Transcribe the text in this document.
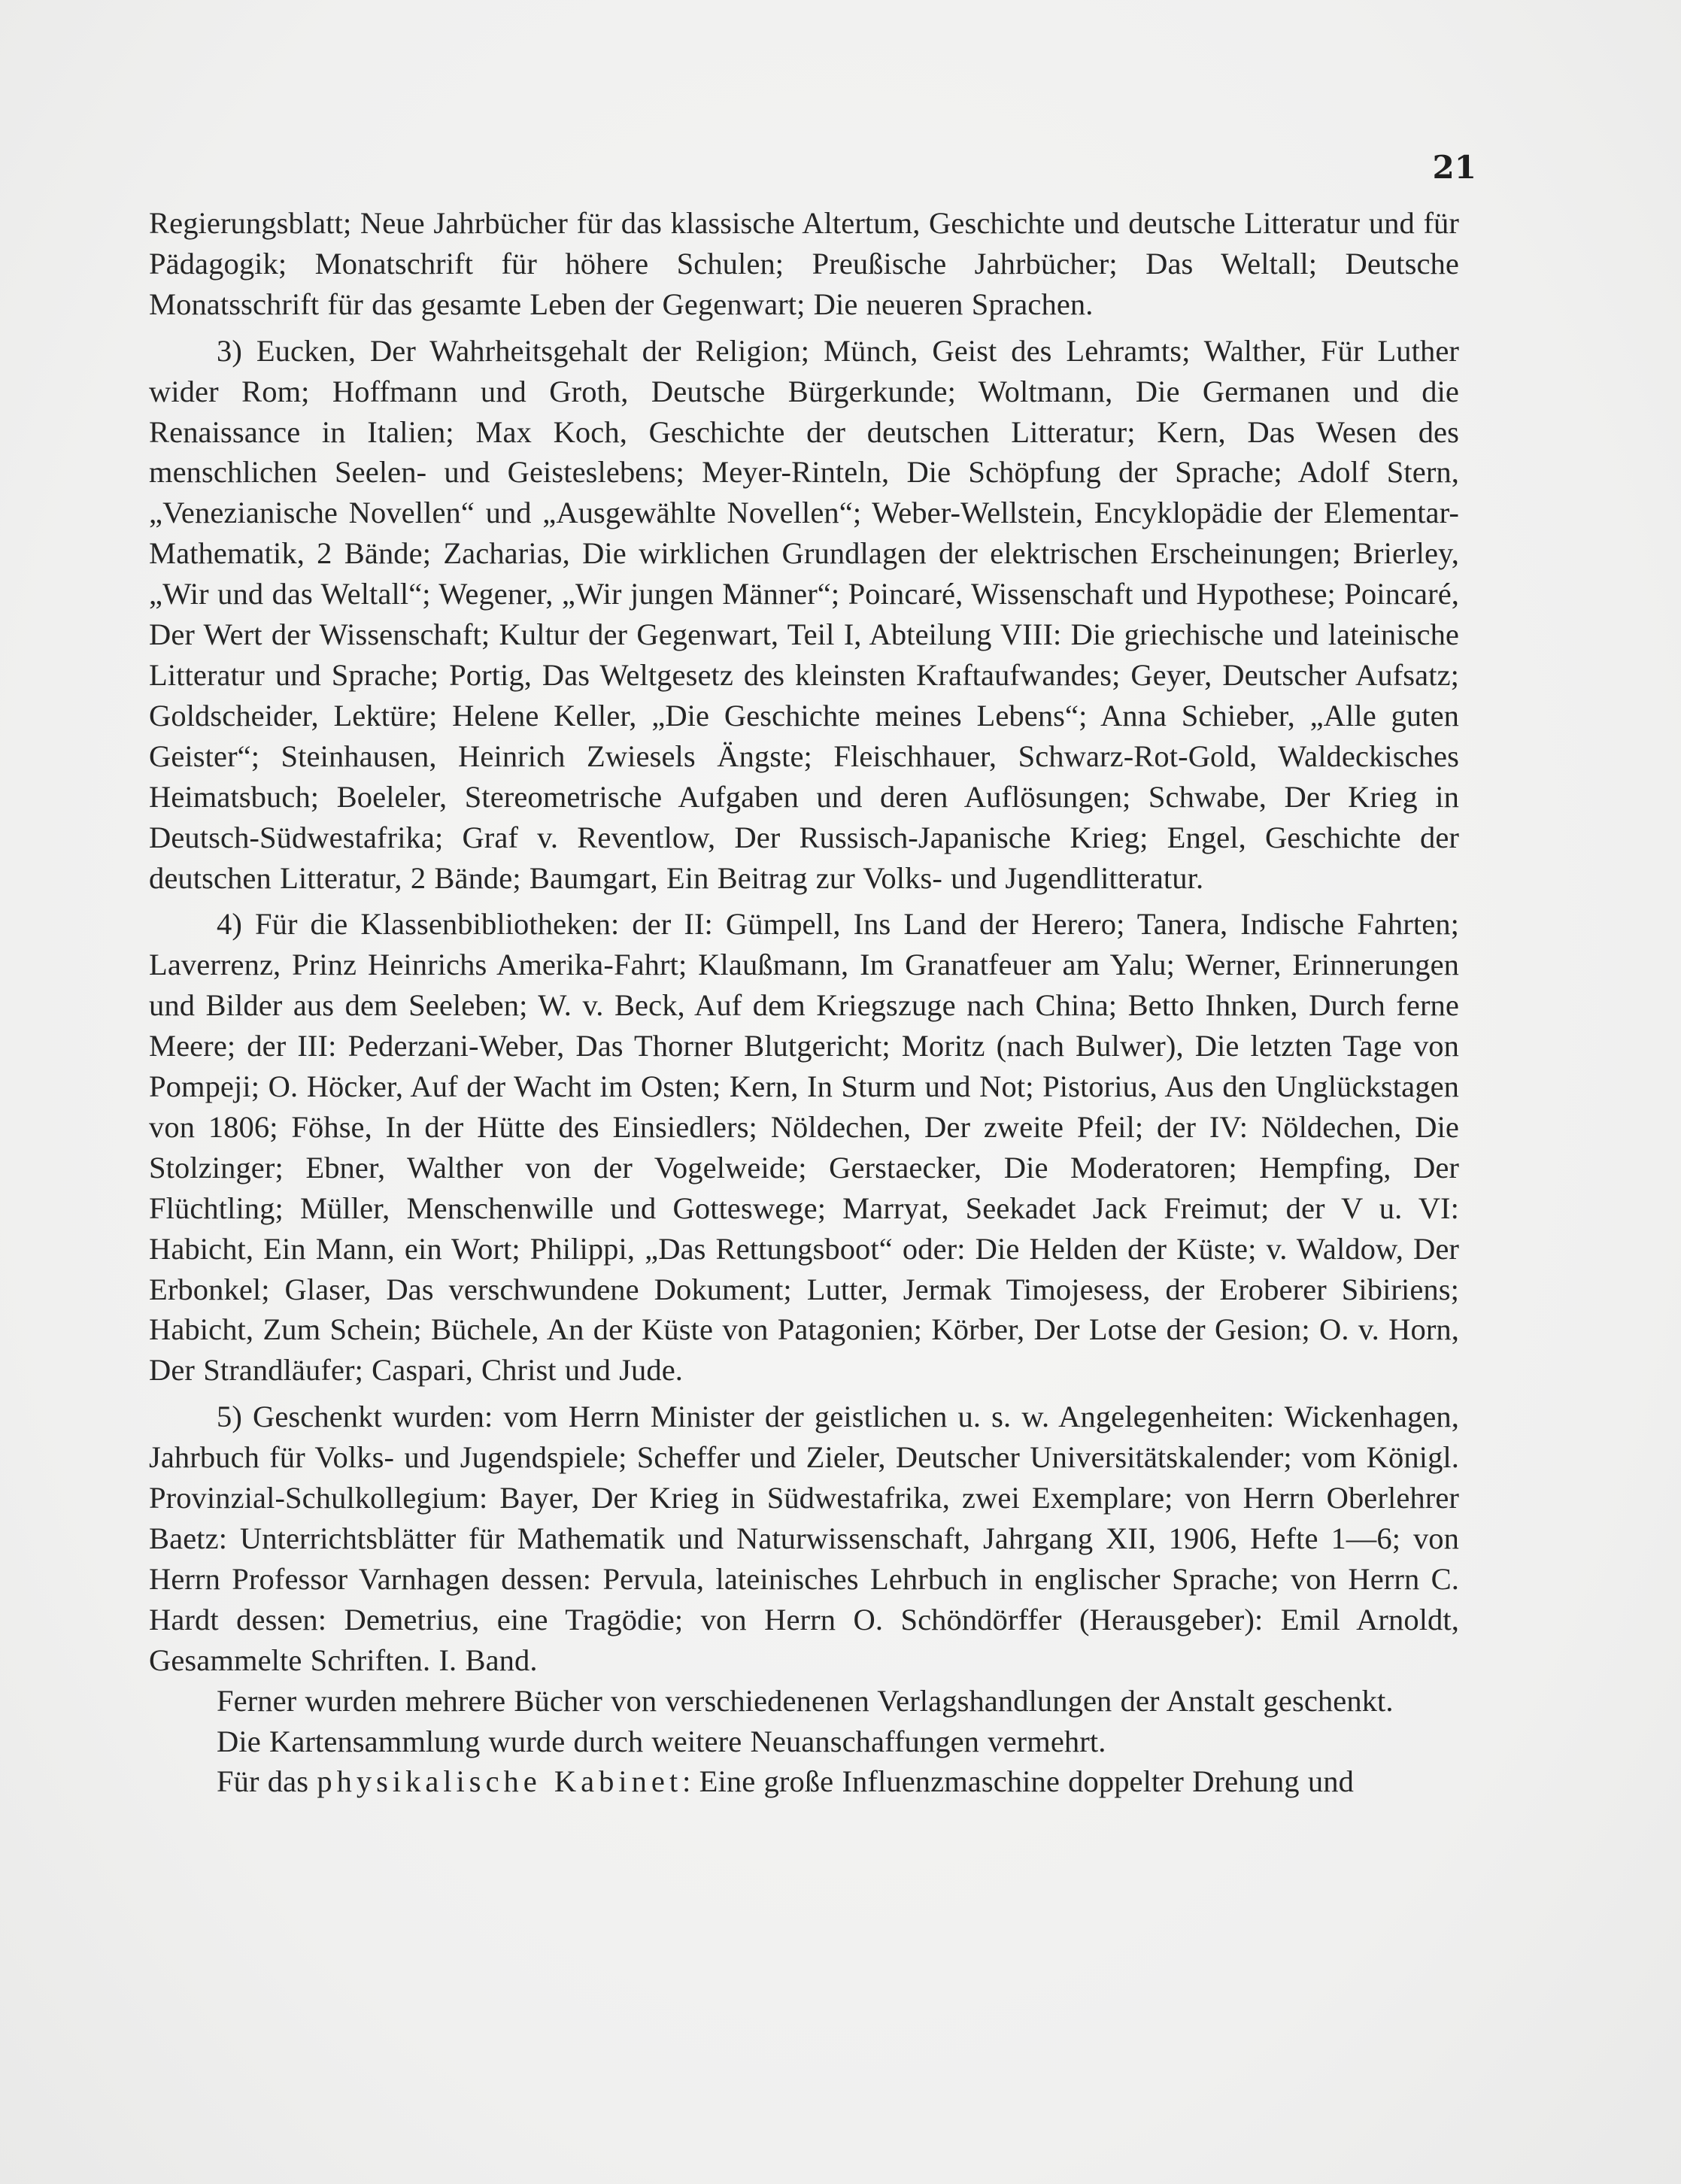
21

Regierungsblatt; Neue Jahrbücher für das klassische Altertum, Geschichte und deutsche Litteratur und für Pädagogik; Monatschrift für höhere Schulen; Preußische Jahrbücher; Das Weltall; Deutsche Monatsschrift für das gesamte Leben der Gegenwart; Die neueren Sprachen.

3) Eucken, Der Wahrheitsgehalt der Religion; Münch, Geist des Lehramts; Walther, Für Luther wider Rom; Hoffmann und Groth, Deutsche Bürgerkunde; Woltmann, Die Germanen und die Renaissance in Italien; Max Koch, Geschichte der deutschen Litteratur; Kern, Das Wesen des menschlichen Seelen- und Geisteslebens; Meyer-Rinteln, Die Schöpfung der Sprache; Adolf Stern, „Venezianische Novellen“ und „Ausgewählte Novellen“; Weber-Wellstein, Encyklopädie der Elementar-Mathematik, 2 Bände; Zacharias, Die wirklichen Grundlagen der elektrischen Erscheinungen; Brierley, „Wir und das Weltall“; Wegener, „Wir jungen Männer“; Poincaré, Wissenschaft und Hypothese; Poincaré, Der Wert der Wissenschaft; Kultur der Gegenwart, Teil I, Abteilung VIII: Die griechische und lateinische Litteratur und Sprache; Portig, Das Weltgesetz des kleinsten Kraftaufwandes; Geyer, Deutscher Aufsatz; Goldscheider, Lektüre; Helene Keller, „Die Geschichte meines Lebens“; Anna Schieber, „Alle guten Geister“; Steinhausen, Heinrich Zwiesels Ängste; Fleischhauer, Schwarz-Rot-Gold, Waldeckisches Heimatsbuch; Boeleler, Stereometrische Aufgaben und deren Auflösungen; Schwabe, Der Krieg in Deutsch-Südwestafrika; Graf v. Reventlow, Der Russisch-Japanische Krieg; Engel, Geschichte der deutschen Litteratur, 2 Bände; Baumgart, Ein Beitrag zur Volks- und Jugendlitteratur.

4) Für die Klassenbibliotheken: der II: Gümpell, Ins Land der Herero; Tanera, Indische Fahrten; Laverrenz, Prinz Heinrichs Amerika-Fahrt; Klaußmann, Im Granatfeuer am Yalu; Werner, Erinnerungen und Bilder aus dem Seeleben; W. v. Beck, Auf dem Kriegszuge nach China; Betto Ihnken, Durch ferne Meere; der III: Pederzani-Weber, Das Thorner Blutgericht; Moritz (nach Bulwer), Die letzten Tage von Pompeji; O. Höcker, Auf der Wacht im Osten; Kern, In Sturm und Not; Pistorius, Aus den Unglückstagen von 1806; Föhse, In der Hütte des Einsiedlers; Nöldechen, Der zweite Pfeil; der IV: Nöldechen, Die Stolzinger; Ebner, Walther von der Vogelweide; Gerstaecker, Die Moderatoren; Hempfing, Der Flüchtling; Müller, Menschenwille und Gotteswege; Marryat, Seekadet Jack Freimut; der V u. VI: Habicht, Ein Mann, ein Wort; Philippi, „Das Rettungsboot“ oder: Die Helden der Küste; v. Waldow, Der Erbonkel; Glaser, Das verschwundene Dokument; Lutter, Jermak Timojesess, der Eroberer Sibiriens; Habicht, Zum Schein; Büchele, An der Küste von Patagonien; Körber, Der Lotse der Gesion; O. v. Horn, Der Strandläufer; Caspari, Christ und Jude.

5) Geschenkt wurden: vom Herrn Minister der geistlichen u. s. w. Angelegenheiten: Wickenhagen, Jahrbuch für Volks- und Jugendspiele; Scheffer und Zieler, Deutscher Universitätskalender; vom Königl. Provinzial-Schulkollegium: Bayer, Der Krieg in Südwestafrika, zwei Exemplare; von Herrn Oberlehrer Baetz: Unterrichtsblätter für Mathematik und Naturwissenschaft, Jahrgang XII, 1906, Hefte 1—6; von Herrn Professor Varnhagen dessen: Pervula, lateinisches Lehrbuch in englischer Sprache; von Herrn C. Hardt dessen: Demetrius, eine Tragödie; von Herrn O. Schöndörffer (Herausgeber): Emil Arnoldt, Gesammelte Schriften. I. Band.

Ferner wurden mehrere Bücher von verschiedenenen Verlagshandlungen der Anstalt geschenkt.

Die Kartensammlung wurde durch weitere Neuanschaffungen vermehrt.

Für das physikalische Kabinet: Eine große Influenzmaschine doppelter Drehung und
